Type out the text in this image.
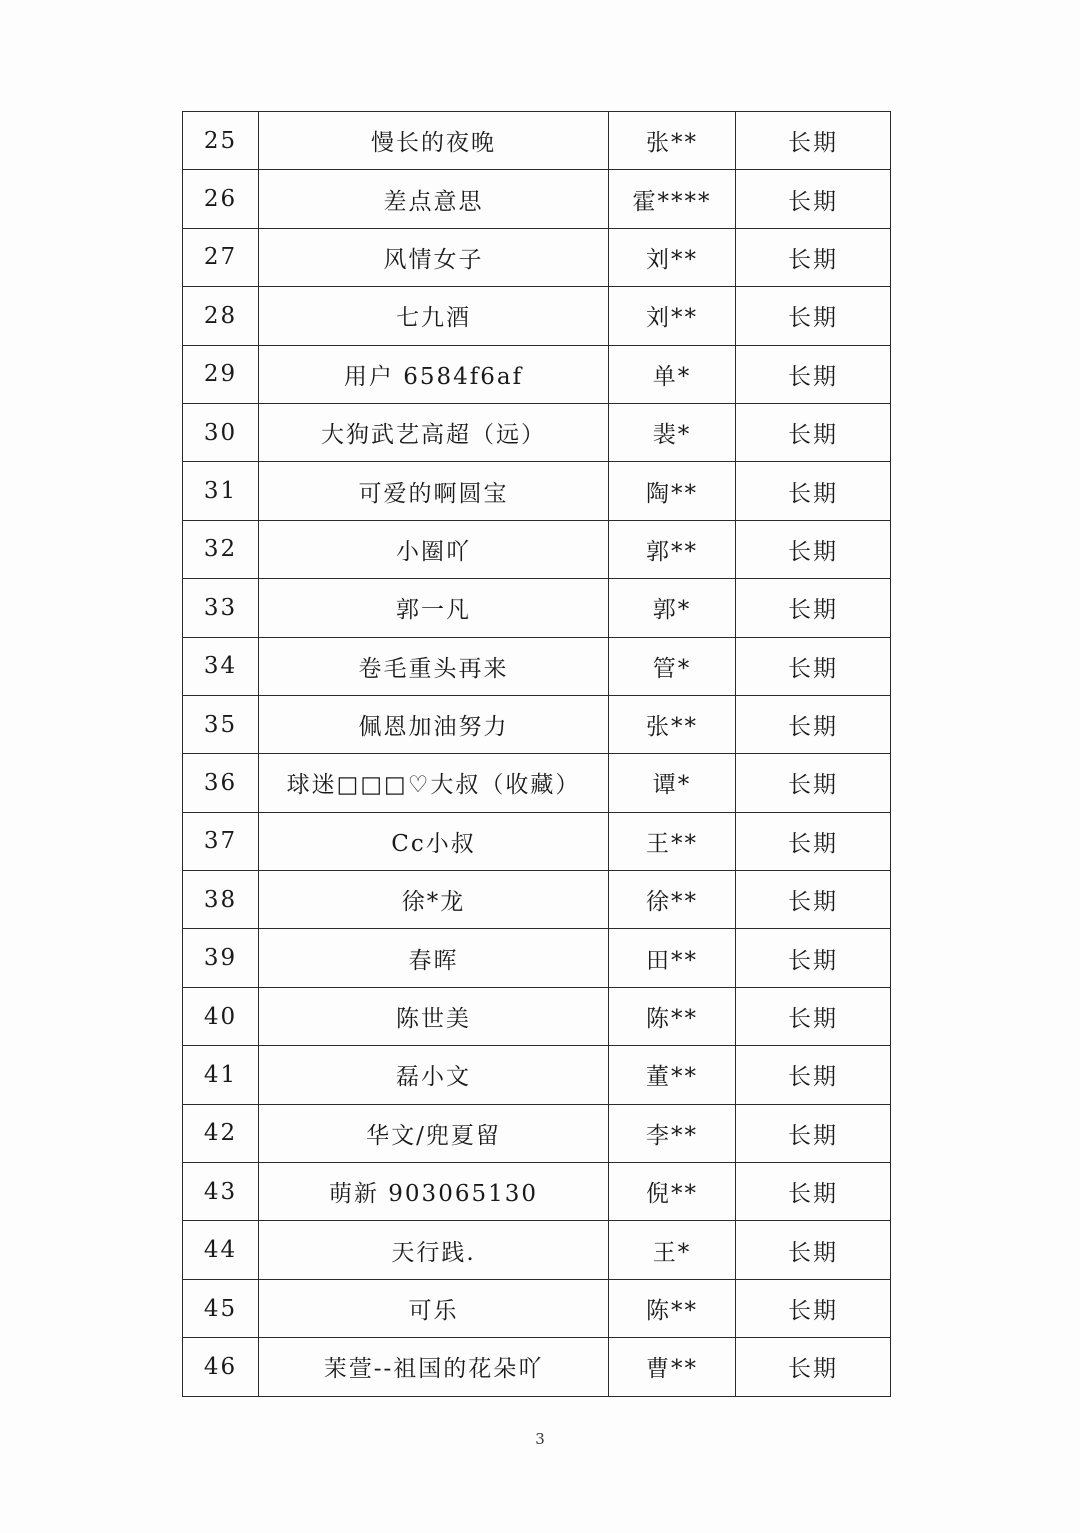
25	慢长的夜晚	张**	长期
26	差点意思	霍****	长期
27	风情女子	刘**	长期
28	七九酒	刘**	长期
29	用户 6584f6af	单*	长期
30	大狗武艺高超（远）	裴*	长期
31	可爱的啊圆宝	陶**	长期
32	小圈吖	郭**	长期
33	郭一凡	郭*	长期
34	卷毛重头再来	管*	长期
35	佩恩加油努力	张**	长期
36	球迷□□□♡大叔（收藏）	谭*	长期
37	Cc小叔	王**	长期
38	徐*龙	徐**	长期
39	春晖	田**	长期
40	陈世美	陈**	长期
41	磊小文	董**	长期
42	华文/兜夏留	李**	长期
43	萌新 903065130	倪**	长期
44	天行践.	王*	长期
45	可乐	陈**	长期
46	茉萱--祖国的花朵吖	曹**	长期
3
